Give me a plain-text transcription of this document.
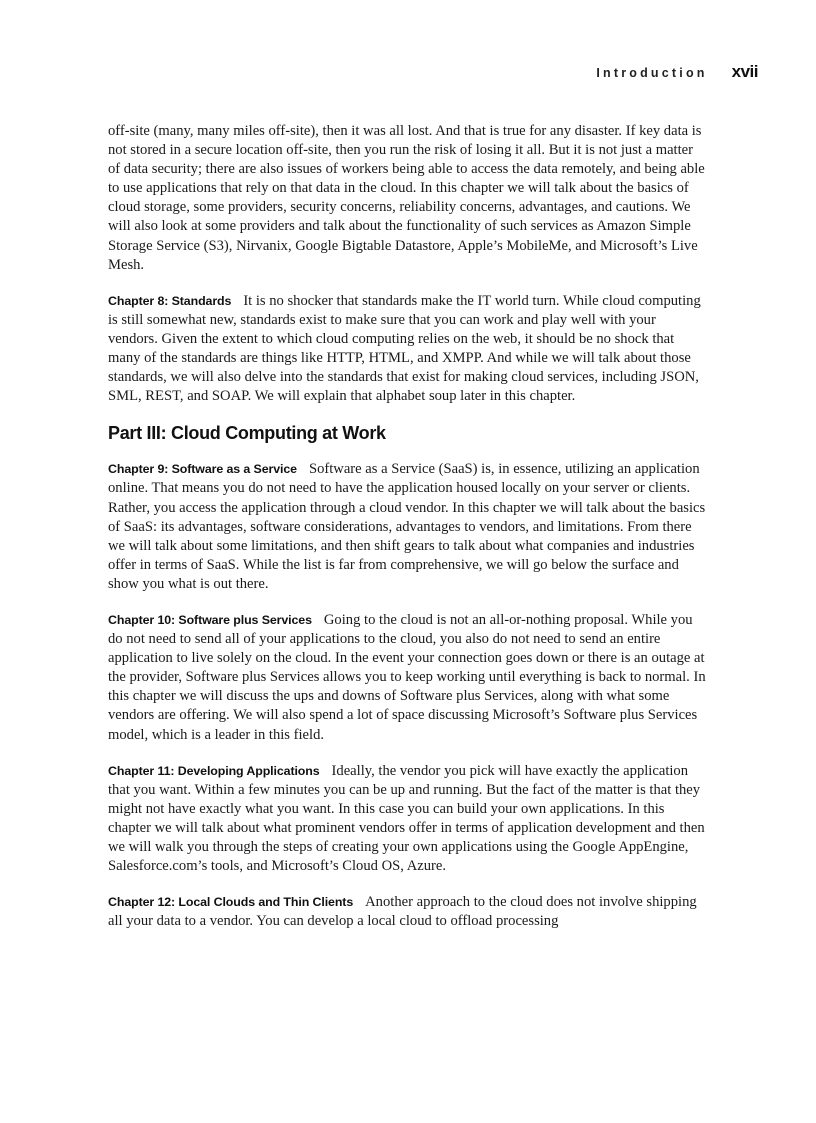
Introduction xvii

off-site (many, many miles off-site), then it was all lost. And that is true for any disaster. If key data is not stored in a secure location off-site, then you run the risk of losing it all. But it is not just a matter of data security; there are also issues of workers being able to access the data remotely, and being able to use applications that rely on that data in the cloud. In this chapter we will talk about the basics of cloud storage, some providers, security concerns, reliability concerns, advantages, and cautions. We will also look at some providers and talk about the functionality of such services as Amazon Simple Storage Service (S3), Nirvanix, Google Bigtable Datastore, Apple’s MobileMe, and Microsoft’s Live Mesh.

Chapter 8: Standards It is no shocker that standards make the IT world turn. While cloud computing is still somewhat new, standards exist to make sure that you can work and play well with your vendors. Given the extent to which cloud computing relies on the web, it should be no shock that many of the standards are things like HTTP, HTML, and XMPP. And while we will talk about those standards, we will also delve into the standards that exist for making cloud services, including JSON, SML, REST, and SOAP. We will explain that alphabet soup later in this chapter.

Part III: Cloud Computing at Work

Chapter 9: Software as a Service Software as a Service (SaaS) is, in essence, utilizing an application online. That means you do not need to have the application housed locally on your server or clients. Rather, you access the application through a cloud vendor. In this chapter we will talk about the basics of SaaS: its advantages, software considerations, advantages to vendors, and limitations. From there we will talk about some limitations, and then shift gears to talk about what companies and industries offer in terms of SaaS. While the list is far from comprehensive, we will go below the surface and show you what is out there.

Chapter 10: Software plus Services Going to the cloud is not an all-or-nothing proposal. While you do not need to send all of your applications to the cloud, you also do not need to send an entire application to live solely on the cloud. In the event your connection goes down or there is an outage at the provider, Software plus Services allows you to keep working until everything is back to normal. In this chapter we will discuss the ups and downs of Software plus Services, along with what some vendors are offering. We will also spend a lot of space discussing Microsoft’s Software plus Services model, which is a leader in this field.

Chapter 11: Developing Applications Ideally, the vendor you pick will have exactly the application that you want. Within a few minutes you can be up and running. But the fact of the matter is that they might not have exactly what you want. In this case you can build your own applications. In this chapter we will talk about what prominent vendors offer in terms of application development and then we will walk you through the steps of creating your own applications using the Google AppEngine, Salesforce.com’s tools, and Microsoft’s Cloud OS, Azure.

Chapter 12: Local Clouds and Thin Clients Another approach to the cloud does not involve shipping all your data to a vendor. You can develop a local cloud to offload processing
